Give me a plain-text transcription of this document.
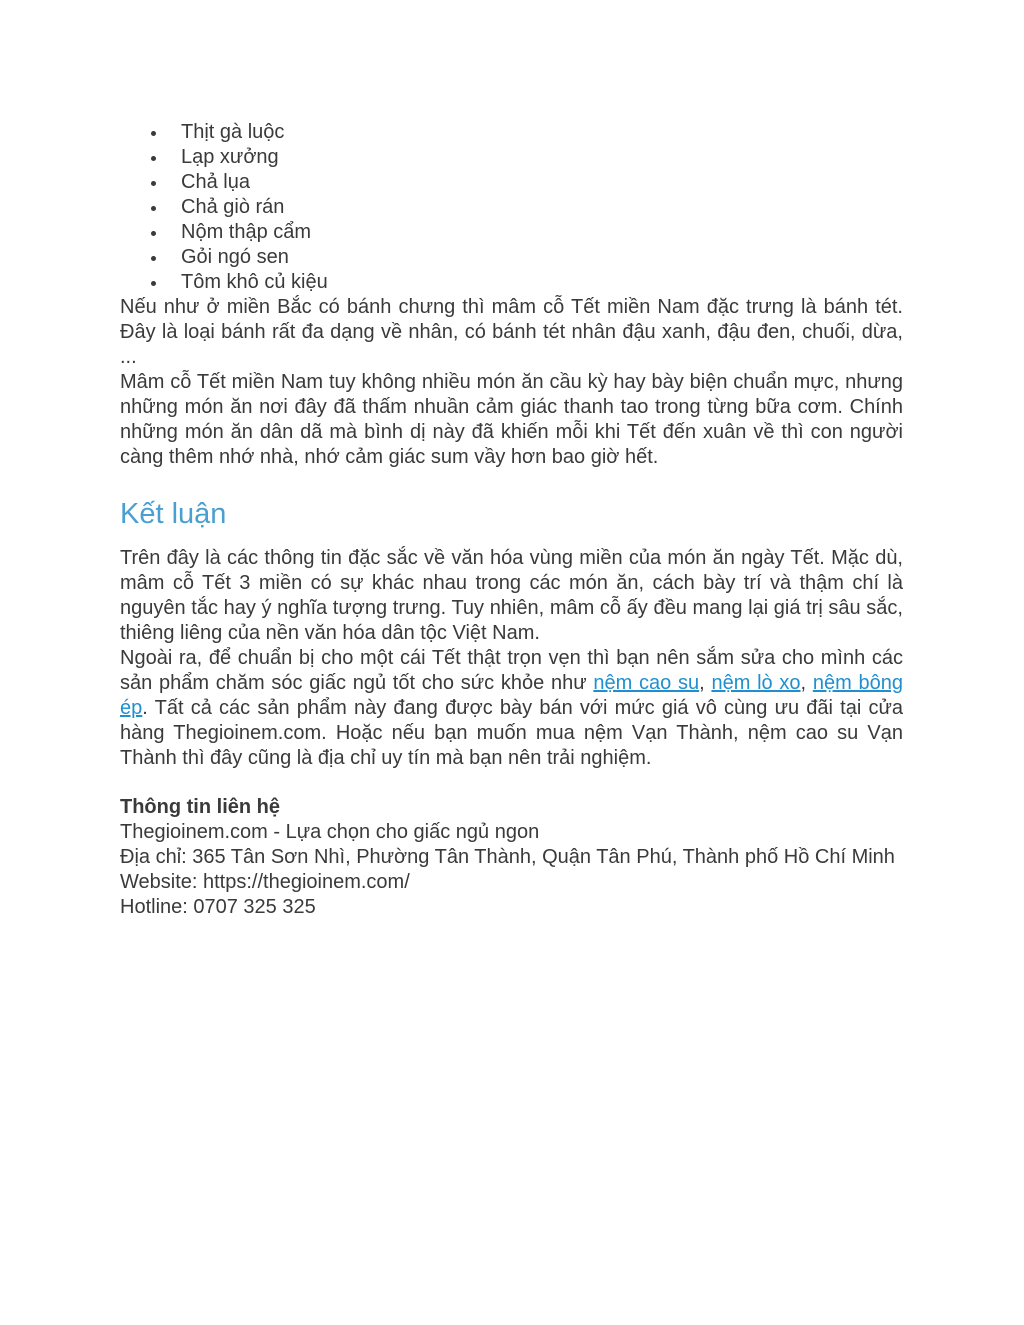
Thịt gà luộc
Lạp xưởng
Chả lụa
Chả giò rán
Nộm thập cẩm
Gỏi ngó sen
Tôm khô củ kiệu

Nếu như ở miền Bắc có bánh chưng thì mâm cỗ Tết miền Nam đặc trưng là bánh tét. Đây là loại bánh rất đa dạng về nhân, có bánh tét nhân đậu xanh, đậu đen, chuối, dừa, ...

Mâm cỗ Tết miền Nam tuy không nhiều món ăn cầu kỳ hay bày biện chuẩn mực, nhưng những món ăn nơi đây đã thấm nhuần cảm giác thanh tao trong từng bữa cơm. Chính những món ăn dân dã mà bình dị này đã khiến mỗi khi Tết đến xuân về thì con người càng thêm nhớ nhà, nhớ cảm giác sum vầy hơn bao giờ hết.

Kết luận

Trên đây là các thông tin đặc sắc về văn hóa vùng miền của món ăn ngày Tết. Mặc dù, mâm cỗ Tết 3 miền có sự khác nhau trong các món ăn, cách bày trí và thậm chí là nguyên tắc hay ý nghĩa tượng trưng. Tuy nhiên, mâm cỗ ấy đều mang lại giá trị sâu sắc, thiêng liêng của nền văn hóa dân tộc Việt Nam.

Ngoài ra, để chuẩn bị cho một cái Tết thật trọn vẹn thì bạn nên sắm sửa cho mình các sản phẩm chăm sóc giấc ngủ tốt cho sức khỏe như nệm cao su, nệm lò xo, nệm bông ép. Tất cả các sản phẩm này đang được bày bán với mức giá vô cùng ưu đãi tại cửa hàng Thegioinem.com. Hoặc nếu bạn muốn mua nệm Vạn Thành, nệm cao su Vạn Thành thì đây cũng là địa chỉ uy tín mà bạn nên trải nghiệm.

Thông tin liên hệ
Thegioinem.com - Lựa chọn cho giấc ngủ ngon

Địa chỉ: 365 Tân Sơn Nhì, Phường Tân Thành, Quận Tân Phú, Thành phố Hồ Chí Minh

Website: https://thegioinem.com/
Hotline: 0707 325 325
